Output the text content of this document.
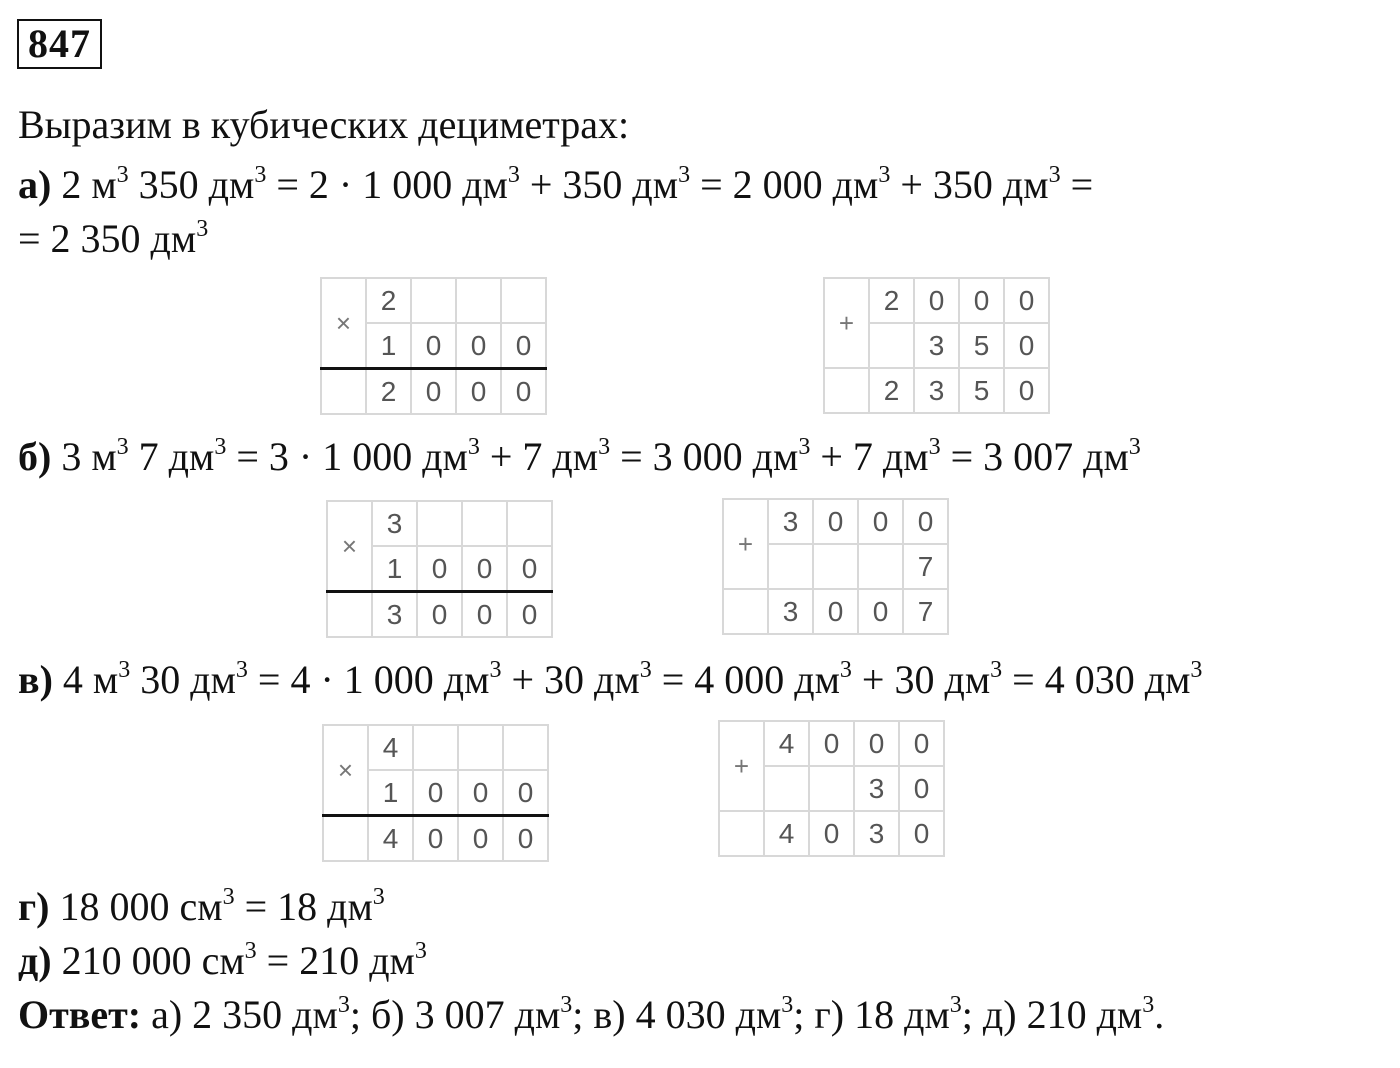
847
Выразим в кубических дециметрах:
а) 2 $м^3$ 350 $дм^3 = 2 \cdot 1$ 000 $дм^3 + 350$ $дм^3 = 2$ 000 $дм^3 + 350$ $дм^3$ =
= 2 350 $дм^3$
×	2			
	1	0	0	0
	2	0	0	0
+	2	0	0	0
		3	5	0
	2	3	5	0
б) 3 $м^3$ 7 $дм^3 = 3 \cdot 1$ 000 $дм^3 + 7$ $дм^3 = 3$ 000 $дм^3 + 7$ $дм^3 = 3$ 007 $дм^3$
×	3			
	1	0	0	0
	3	0	0	0
+	3	0	0	0
				7
	3	0	0	7
в) 4 $м^3$ 30 $дм^3 = 4 \cdot 1$ 000 $дм^3 + 30$ $дм^3 = 4$ 000 $дм^3 + 30$ $дм^3 = 4$ 030 $дм^3$
×	4			
	1	0	0	0
	4	0	0	0
+	4	0	0	0
			3	0
	4	0	3	0
г) 18 000 $см^3 = 18$ $дм^3$
д) 210 000 $см^3 = 210$ $дм^3$
Ответ: а) 2 350 $дм^3$; б) 3 007 $дм^3$; в) 4 030 $дм^3$; г) 18 $дм^3$; д) 210 $дм^3$.
